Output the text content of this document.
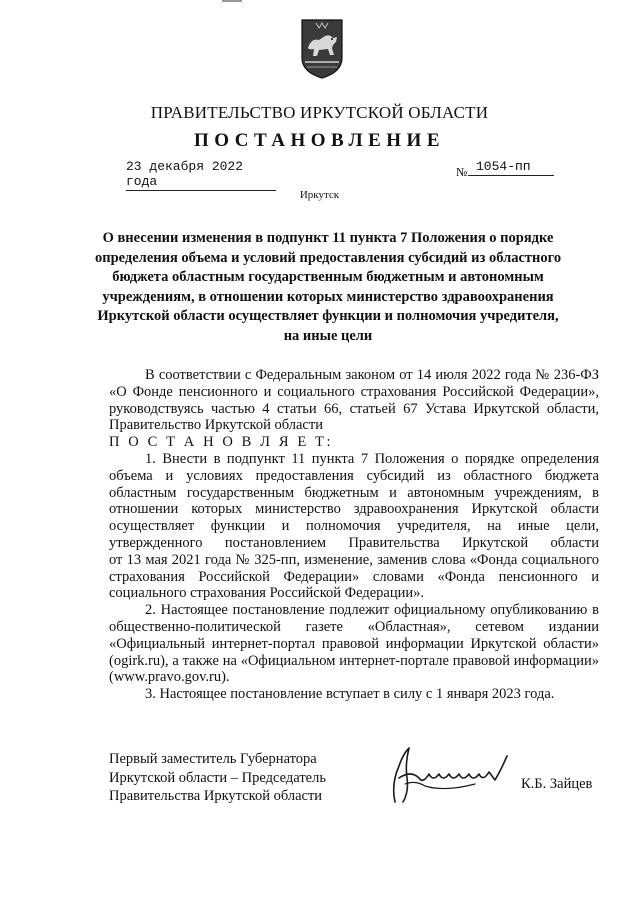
ПРАВИТЕЛЬСТВО ИРКУТСКОЙ ОБЛАСТИ
ПОСТАНОВЛЕНИЕ
23 декабря 2022 года
№ 1054-пп
Иркутск
О внесении изменения в подпункт 11 пункта 7 Положения о порядке
определения объема и условий предоставления субсидий из областного
бюджета областным государственным бюджетным и автономным
учреждениям, в отношении которых министерство здравоохранения
Иркутской области осуществляет функции и полномочия учредителя,
на иные цели
В соответствии с Федеральным законом от 14 июля 2022 года № 236-ФЗ
«О Фонде пенсионного и социального страхования Российской Федерации»,
руководствуясь частью 4 статьи 66, статьей 67 Устава Иркутской области,
Правительство Иркутской области
П О С Т А Н О В Л Я Е Т:
1. Внести в подпункт 11 пункта 7 Положения о порядке определения
объема и условиях предоставления субсидий из областного бюджета
областным государственным бюджетным и автономным учреждениям, в
отношении которых министерство здравоохранения Иркутской области
осуществляет функции и полномочия учредителя, на иные цели,
утвержденного постановлением Правительства Иркутской области
от 13 мая 2021 года № 325-пп, изменение, заменив слова «Фонда социального
страхования Российской Федерации» словами «Фонда пенсионного и
социального страхования Российской Федерации».
2. Настоящее постановление подлежит официальному опубликованию в
общественно-политической газете «Областная», сетевом издании
«Официальный интернет-портал правовой информации Иркутской области»
(ogirk.ru), а также на «Официальном интернет-портале правовой информации»
(www.pravo.gov.ru).
3. Настоящее постановление вступает в силу с 1 января 2023 года.
Первый заместитель Губернатора
Иркутской области – Председатель
Правительства Иркутской области
К.Б. Зайцев
